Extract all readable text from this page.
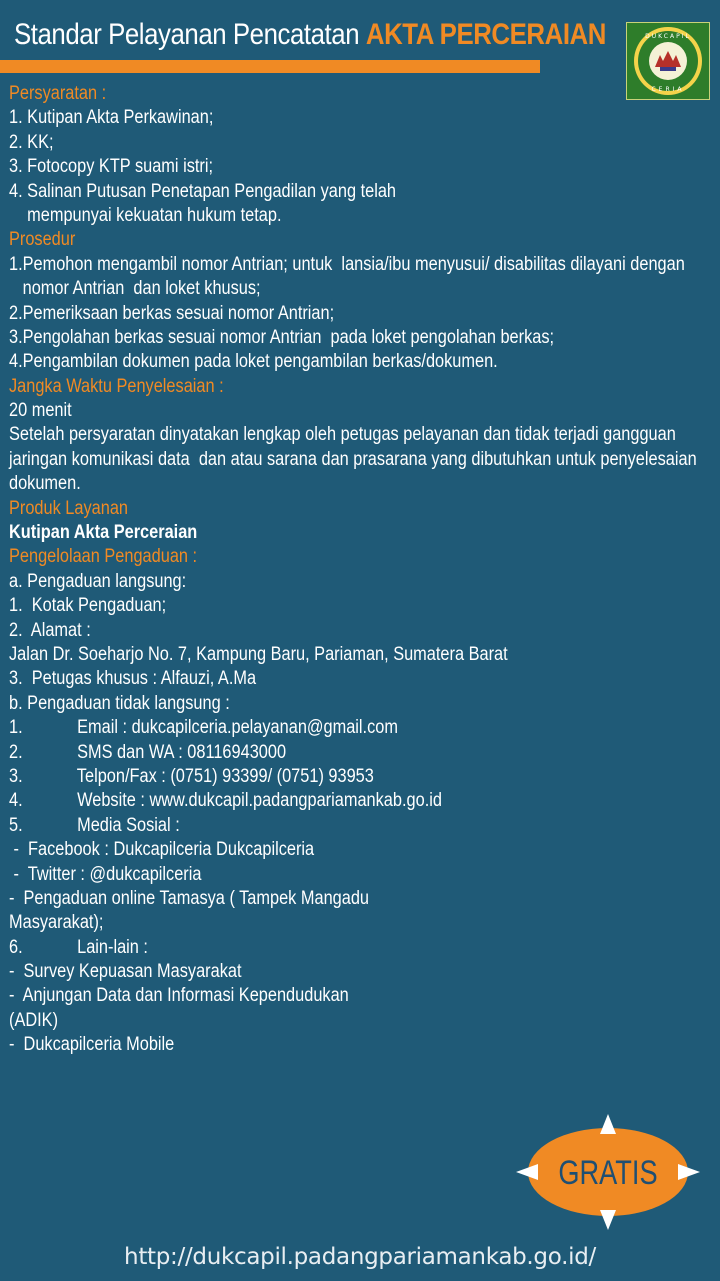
Standar Pelayanan Pencatatan AKTA PERCERAIAN	DUKCAPIL
CERIA
Persyaratan :
1. Kutipan Akta Perkawinan;
2. KK;
3. Fotocopy KTP suami istri;
4. Salinan Putusan Penetapan Pengadilan yang telah
mempunyai kekuatan hukum tetap.
Prosedur
1.Pemohon mengambil nomor Antrian; untuk  lansia/ibu menyusui/ disabilitas dilayani dengan
nomor Antrian  dan loket khusus;
2.Pemeriksaan berkas sesuai nomor Antrian;
3.Pengolahan berkas sesuai nomor Antrian  pada loket pengolahan berkas;
4.Pengambilan dokumen pada loket pengambilan berkas/dokumen.
Jangka Waktu Penyelesaian :
20 menit
Setelah persyaratan dinyatakan lengkap oleh petugas pelayanan dan tidak terjadi gangguan
jaringan komunikasi data  dan atau sarana dan prasarana yang dibutuhkan untuk penyelesaian
dokumen.
Produk Layanan
Kutipan Akta Perceraian
Pengelolaan Pengaduan :
a. Pengaduan langsung:
1.  Kotak Pengaduan;
2.  Alamat :
Jalan Dr. Soeharjo No. 7, Kampung Baru, Pariaman, Sumatera Barat
3.  Petugas khusus : Alfauzi, A.Ma
b. Pengaduan tidak langsung :
1.            Email : dukcapilceria.pelayanan@gmail.com
2.            SMS dan WA : 08116943000
3.            Telpon/Fax : (0751) 93399/ (0751) 93953
4.            Website : www.dukcapil.padangpariamankab.go.id
5.            Media Sosial :
-  Facebook : Dukcapilceria Dukcapilceria
-  Twitter : @dukcapilceria
-  Pengaduan online Tamasya ( Tampek Mangadu
Masyarakat);
6.            Lain-lain :
-  Survey Kepuasan Masyarakat
-  Anjungan Data dan Informasi Kependudukan
(ADIK)
-  Dukcapilceria Mobile
GRATIS
http://dukcapil.padangpariamankab.go.id/
